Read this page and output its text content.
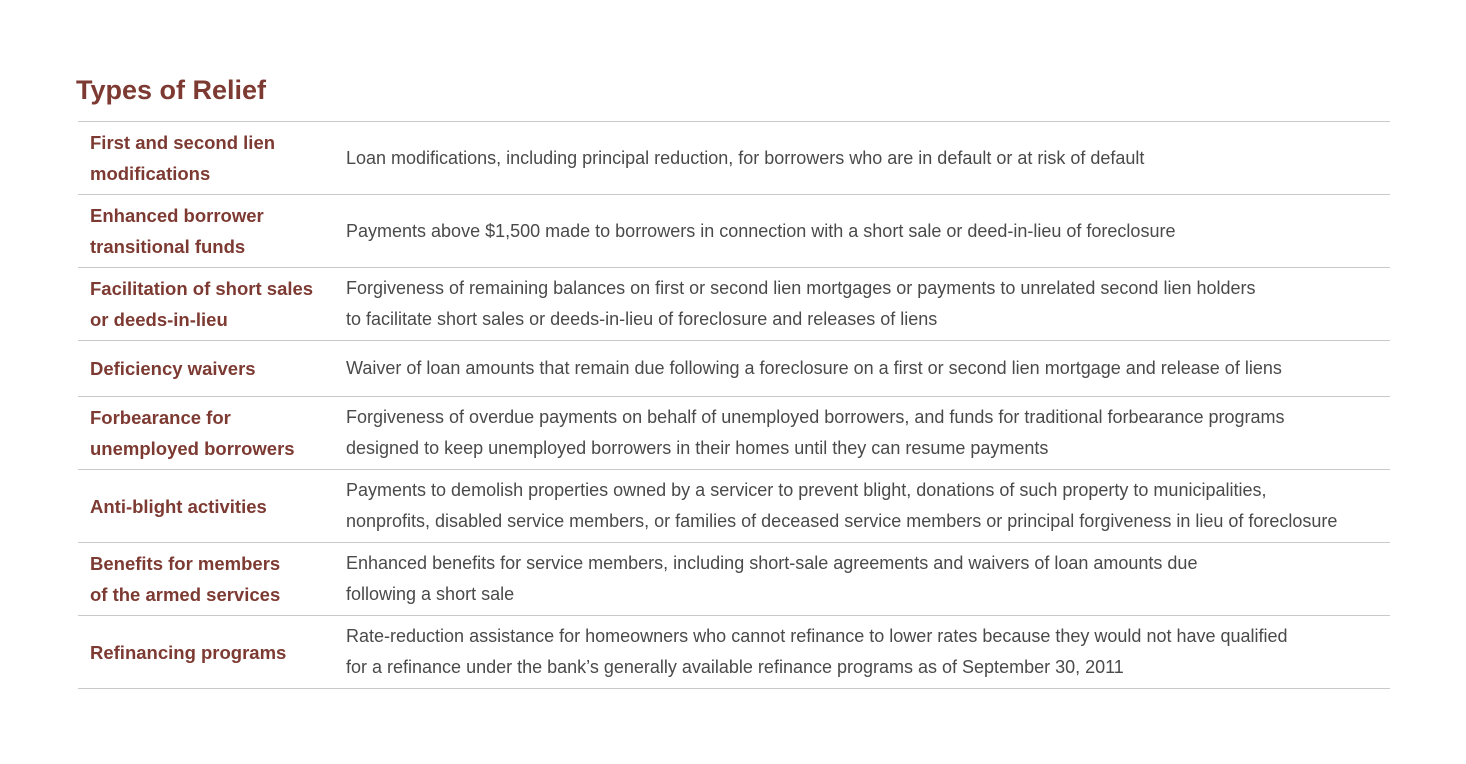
Types of Relief
First and second lien
modifications
Loan modifications, including principal reduction, for borrowers who are in default or at risk of default
Enhanced borrower
transitional funds
Payments above $1,500 made to borrowers in connection with a short sale or deed-in-lieu of foreclosure
Facilitation of short sales
or deeds-in-lieu
Forgiveness of remaining balances on first or second lien mortgages or payments to unrelated second lien holders
to facilitate short sales or deeds-in-lieu of foreclosure and releases of liens
Deficiency waivers	Waiver of loan amounts that remain due following a foreclosure on a first or second lien mortgage and release of liens
Forbearance for
unemployed borrowers
Forgiveness of overdue payments on behalf of unemployed borrowers, and funds for traditional forbearance programs
designed to keep unemployed borrowers in their homes until they can resume payments
Anti-blight activities
Payments to demolish properties owned by a servicer to prevent blight, donations of such property to municipalities,
nonprofits, disabled service members, or families of deceased service members or principal forgiveness in lieu of foreclosure
Benefits for members
of the armed services
Enhanced benefits for service members, including short-sale agreements and waivers of loan amounts due
following a short sale
Refinancing programs
Rate-reduction assistance for homeowners who cannot refinance to lower rates because they would not have qualified
for a refinance under the bank’s generally available refinance programs as of September 30, 2011
